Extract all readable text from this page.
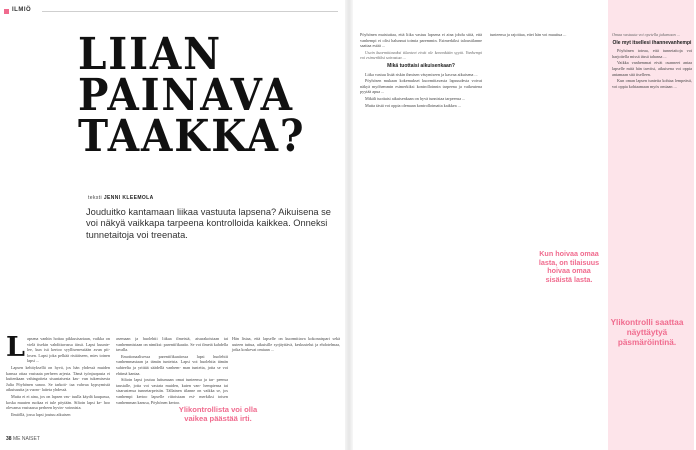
ILMIÖ
LIIAN
PAINAVA
TAAKKA?
teksti JENNI KLEEMOLA

Jouduitko kantamaan liikaa vastuuta lapsena? Aikuisena se voi näkyä vaikkapa tarpeena kontrolloida kaikkea. Onneksi tunnetaitoja voi treenata.

L apsena vanhin hoitaa pikkusisariaan, vaikka on vielä itsekin vahdittavassa iässä. Lapsi kuunte-lee, kun isä kertoo syyllisenesstään avun pii-losen. Lapsi joka pelkää ristiäiseen, mies toinen lapsi ...

Lapsen kehityksellä on hyvä, jos hän yhdessä muiden kanssa ottaa vastuuta perheen arjesta. Tämä työnjaopasta ei kuitenkaan vahingoiteta sisuntaisesta kas- vun tukemisesta Julia Pöyhönen sanoo. Se tarkoit- taa vahvaa kypsymistä aikuisuutta ja vuoro- laiteta yhdessä.

Mutta ei ei aina, jos on lapsen vas- tuulla käydä kaupassa, koska muuten ruokaa ei tule pöytään. Siltoin lapsi ke- hoo olevansa vastuussa perheen hyvin- voinnista.

Ilmiöllä, jossa lapsi joutuu aikuisen

asemaan ja huolehtii liikaa ilmeistä, aisurakoistaan tai vanhemmistaan on nimiksi: parentifikaatio. Se voi ilmetä kahdella tavalla.

Emotionaalisessa parentifikaatiossa lapsi huolehtii vanhemmastaan ja tämän tunteista. Lapsi voi huolehtia tämän suhteelta ja yrittää säädellä vanhem- man tunteita, jotta se voi ehtimä kantaa.

Siltoin lapsi joutuu luttumaan omat tunteensa ja tar- peensa taustalle, jotta voi vastata muiden, kuten van- hempiensa tai sisarustensa tunnetarpeisiin. Tällainen tilanne on vaikka se, jos vanhempi kertoo lapselle riitoistaan esi- merkiksi toisen vanhemman kanssa, Pöyhönen kertoo.

Hän listaa, että lapselle on kuormittava kokonaispari sekä uuteen tuttua, aikuisille syrjäyttävä, keskustelut ja ehdotelmaa, jotka koskevat omiaan ...

Ylikontrollista voi olla vaikea päästää irti.

38 ME NAISET

Pöyhönen muistuttaa, että liika vastuu lapsena ei aina johdu siitä, että vanhempi ei olisi halunnut toimia paremmin. Esimerkiksi taloustilanne saattaa estää ...

Usein kuormittavaksi tilanteet eivät ole kenenkään syytä. Vanhempi voi esimerkiksi sairastua ...

Mikä tuottaisi aikuisenkaan?

Liika vastuu lisää riskin ihmisen väsymiseen ja kasvaa aikuisena ...

Pöyhösen mukaan kokemukset kuormittavasta lapsuudesta voivat näkyä myöhemmin esimerkiksi kontrolloinnin tarpeena ja vaikeutena pyytää apua ...

Mikäli tuottaisi aikuisenkaan on hyvä tunnistaa tarpeensa ...

Mutta tästä voi oppia olemaan kontrolloimatta kaikkea ...

tunteensa ja rajoittaa, ettei hän voi muuttua ...

Kun hoivaa omaa lasta, on tilaisuus hoivaa omaa sisäistä lasta.

Omaa vastuuta voi opetella jakamaan ...

Ole myt itsellesi ihannevanhempi

Pöyhönen toteaa, että tunnetaitoja voi harjoitella missä iässä tahansa ...

Vaikka vanhemmat eivät osanneet antaa lapselle mitä hän tarvitsi, aikuisena voi oppia antamaan sitä itselleen.

Kun oman lapsen tunteita kohtaa lempeästi, voi oppia kohtaamaan myös omiaan ...

Ylikontrolli saattaa näyttäytyä päsmäröintinä.
